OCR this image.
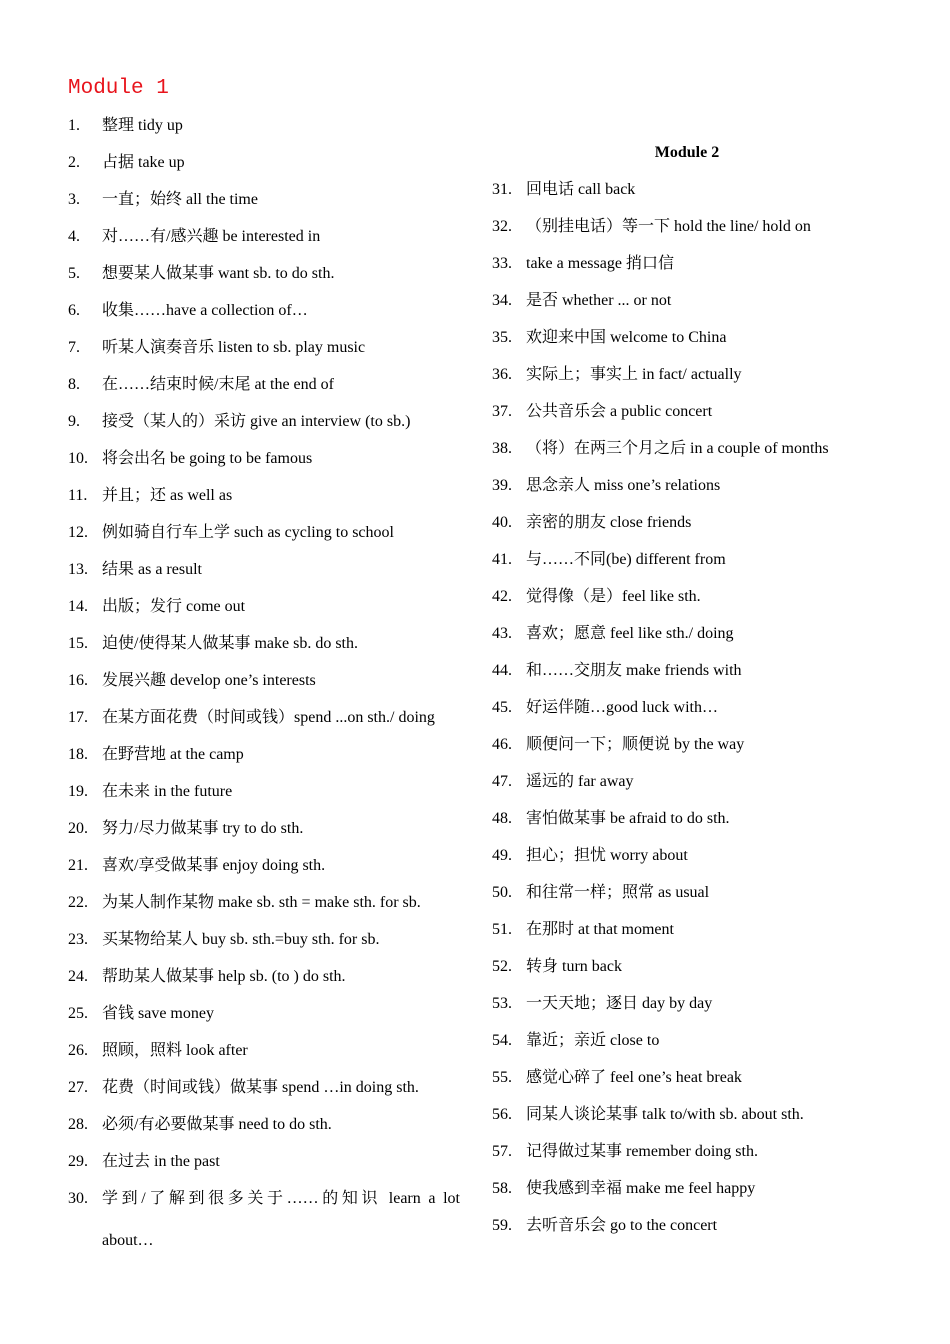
Module 1
1.	整理 tidy up
2.	占据 take up
3.	一直；始终 all the time
4.	对……有/感兴趣 be interested in
5.	想要某人做某事 want sb. to do sth.
6.	收集……have a collection of…
7.	听某人演奏音乐 listen to sb. play music
8.	在……结束时候/末尾 at the end of
9.	接受（某人的）采访 give an interview (to sb.)
10. 将会出名 be going to be famous
11. 并且；还 as well as
12. 例如骑自行车上学 such as cycling to school
13. 结果 as a result
14. 出版；发行 come out
15. 迫使/使得某人做某事 make sb. do sth.
16. 发展兴趣 develop one’s interests
17. 在某方面花费（时间或钱）spend ...on sth./ doing
18. 在野营地 at the camp
19. 在未来 in the future
20. 努力/尽力做某事 try to do sth.
21. 喜欢/享受做某事 enjoy doing sth.
22. 为某人制作某物 make sb. sth = make sth. for sb.
23. 买某物给某人 buy sb. sth.=buy sth. for sb.
24. 帮助某人做某事 help sb. (to ) do sth.
25. 省钱 save money
26. 照顾，照料 look after
27. 花费（时间或钱）做某事 spend …in doing sth.
28. 必须/有必要做某事 need to do sth.
29. 在过去 in the past
30. 学到/了解到很多关于……的知识 learn a lot
about…
Module 2
31. 回电话 call back
32. （别挂电话）等一下 hold the line/ hold on
33. take a message 捎口信
34. 是否 whether ... or not
35. 欢迎来中国 welcome to China
36. 实际上；事实上 in fact/ actually
37. 公共音乐会 a public concert
38. （将）在两三个月之后 in a couple of months
39. 思念亲人 miss one’s relations
40. 亲密的朋友 close friends
41. 与……不同(be) different from
42. 觉得像（是）feel like sth.
43. 喜欢；愿意 feel like sth./ doing
44. 和……交朋友 make friends with
45. 好运伴随…good luck with…
46. 顺便问一下；顺便说 by the way
47. 遥远的 far away
48. 害怕做某事 be afraid to do sth.
49. 担心；担忧 worry about
50. 和往常一样；照常 as usual
51. 在那时 at that moment
52. 转身 turn back
53. 一天天地；逐日 day by day
54. 靠近；亲近 close to
55. 感觉心碎了 feel one’s heat break
56. 同某人谈论某事 talk to/with sb. about sth.
57. 记得做过某事 remember doing sth.
58. 使我感到幸福 make me feel happy
59. 去听音乐会 go to the concert
